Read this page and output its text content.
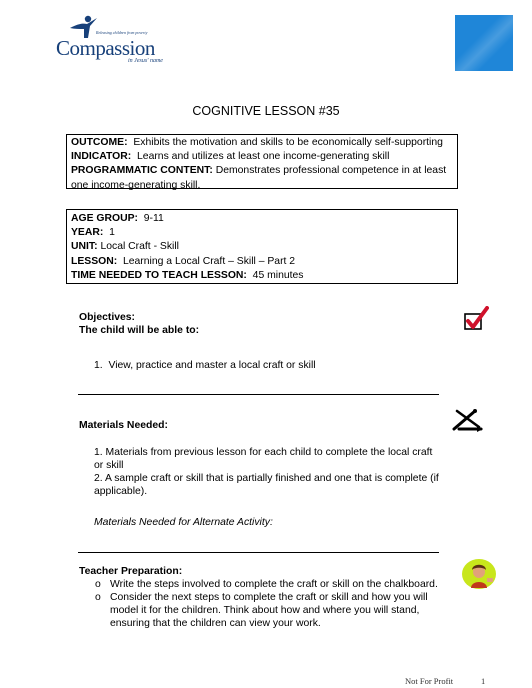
Releasing children from poverty
Compassion
in Jesus' name
COGNITIVE LESSON #35
OUTCOME: Exhibits the motivation and skills to be economically self-supporting
INDICATOR: Learns and utilizes at least one income-generating skill
PROGRAMMATIC CONTENT: Demonstrates professional competence in at least one income-generating skill.
AGE GROUP: 9-11
YEAR: 1
UNIT: Local Craft - Skill
LESSON: Learning a Local Craft – Skill – Part 2
TIME NEEDED TO TEACH LESSON: 45 minutes
Objectives:
The child will be able to:
1. View, practice and master a local craft or skill
Materials Needed:
1. Materials from previous lesson for each child to complete the local craft or skill
2. A sample craft or skill that is partially finished and one that is complete (if applicable).
Materials Needed for Alternate Activity:
Teacher Preparation:
o Write the steps involved to complete the craft or skill on the chalkboard.
o Consider the next steps to complete the craft or skill and how you will model it for the children. Think about how and where you will stand, ensuring that the children can view your work.
Not For Profit	1
